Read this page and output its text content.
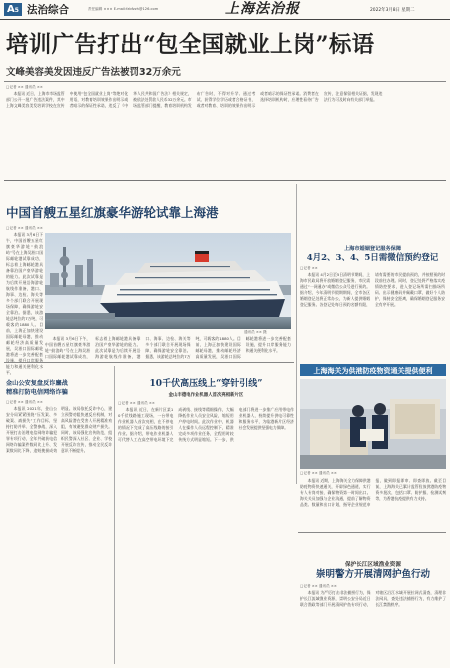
A5 法治综合	责任编辑 ××× E-mail:fzbfzzh@126.com	上海法治报	2022年3月8日 星期二
培训广告打出“包全国就业上岗”标语
文峰美容美发因违反广告法被罚32万余元
□记者 ×× 通讯员 ××

本报讯 近日，上海市市场监管部门公开一批广告违法案件，其中上海文峰美容美发培训学校在宣传中使用“包全国就业上岗”等绝对化用语，对教育培训效果作出明示或者暗示的保证性承诺，违反了《中华人民共和国广告法》相关规定，被依法处罚款人民币32万余元。市场监管部门提醒，教育培训机构发布广告时，不得对升学、通过考试、获得学位学历或者合格证书，或者对教育、培训的效果作出明示或者暗示的保证性承诺。消费者在选择培训机构时，应理性看待广告宣传，注意保留相关证据，发现违法行为可及时向有关部门举报。

中国首艘五星红旗豪华游轮试靠上海港
□记者 ×× 通讯员 ××
通讯员 ×× 摄

本报讯 3月6日下午，中国首艘五星红旗豪华游轮“鼓浪屿”号在上海吴淞口国际邮轮港试靠成功，标志着上海邮轮港具备靠泊国产豪华游轮的能力。此次试靠是为后续开展沿海游轮航线作准备，港口、海事、边检、海关等多个部门联合开展现场保障，确保游轮安全靠泊。据悉，该游轮总吨位约7万吨，可载客约1880人。目前，上海正加快建设国际邮轮母港，推动邮轮经济高质量发展，吴淞口国际邮轮港将进一步完善配套设施，提升口岸服务能力和通关便利化水平。

本报讯 3月6日下午，中国首艘五星红旗豪华游轮“鼓浪屿”号在上海吴淞口国际邮轮港试靠成功，标志着上海邮轮港具备靠泊国产豪华游轮的能力。此次试靠是为后续开展沿海游轮航线作准备，港口、海事、边检、海关等多个部门联合开展现场保障，确保游轮安全靠泊。据悉，该游轮总吨位约7万吨，可载客约1880人。目前，上海正加快建设国际邮轮母港，推动邮轮经济高质量发展，吴淞口国际邮轮港将进一步完善配套设施，提升口岸服务能力和通关便利化水平。

上海市婚姻登记服务保障
4月2、3、4、5日需微信预约登记
□记者 ××

本报讯 4月2日至5日清明节期间，上海市民政局将开放婚姻登记服务，市民需通过“一网通办”或微信公众号进行预约。据介绍，今年清明节假期期间，全市各区婚姻登记处将正常办公，为新人提供婚姻登记服务。各登记处每日预约名额有限，请有需要的市民提前预约，并按照预约时段前往办理。同时，登记处将严格落实疫情防控要求，进入登记场所需扫描场所码、出示健康码并佩戴口罩，做好个人防护，保持安全距离，确保婚姻登记服务安全有序开展。

金山公安复盘反诈鏖战
精准打防电信网络诈骗
□记者 ×× 通讯员 ××

本报讯 2021年，金山公安分局紧紧围绕“压发案、多破案、减损失”工作目标，坚持打防并举、全警参战，深入开展打击治理电信网络诈骗犯罪专项行动，全年共破获电信网络诈骗案件数同比上升、发案数同比下降，追赃挽损成效明显。该局依托反诈中心，建立预警劝阻快速反应机制，对高风险潜在受害人开展精准劝阻，有效避免群众财产损失。同时，该局强化宣传防范，组织民警深入社区、企业、学校开展反诈宣传，推动全民反诈意识不断提升。

10千伏高压线上“穿针引线”
金山丰德电作业机器人首次亮相新片区
□记者 ×× 通讯员 ××

本报讯 近日，在新片区某10千伏线路施工现场，一台带电作业机器人首次亮相，在不停电的情况下完成了高压线路的接引作业。据介绍，带电作业机器人可代替人工在高空带电环境下完成剥线、接线等精细操作，大幅降低作业人员安全风险，缩短用户停电时间。此次作业中，机器人在操作人员远程控制下，精准完成多项作业任务，全程用时较传统方式明显缩短。下一步，供电部门将进一步推广应用带电作业机器人，持续提升供电可靠性和服务水平，为临港新片区经济社会发展提供坚强电力保障。

上海海关为供港防疫物资通关提供便利
□记者 ×× 通讯员 ××

本报讯 近期，上海海关全力保障供港防疫物资快速通关，开辟绿色通道，实行专人专岗对接，确保物资第一时间出口。海关关员加强与企业沟通，提前了解物资品类、数量和出口计划，指导企业规范申报，做到即报即审、即查即放。截至目前，上海海关已累计监管验放供港防疫物资多批次，包括口罩、防护服、检测试剂等，为香港抗疫提供有力支持。

保护长江区域渔业资源
崇明警方开展清网护鱼行动
□记者 ×× 通讯员 ××

本报讯 为严厉打击非法捕捞行为，保护长江流域渔业资源，崇明公安分局近日联合渔政等部门开展清网护鱼专项行动，对辖区沿江水域开展拉网式清查，清理非法网具，查处违法捕捞行为，有力维护了长江禁渔秩序。
